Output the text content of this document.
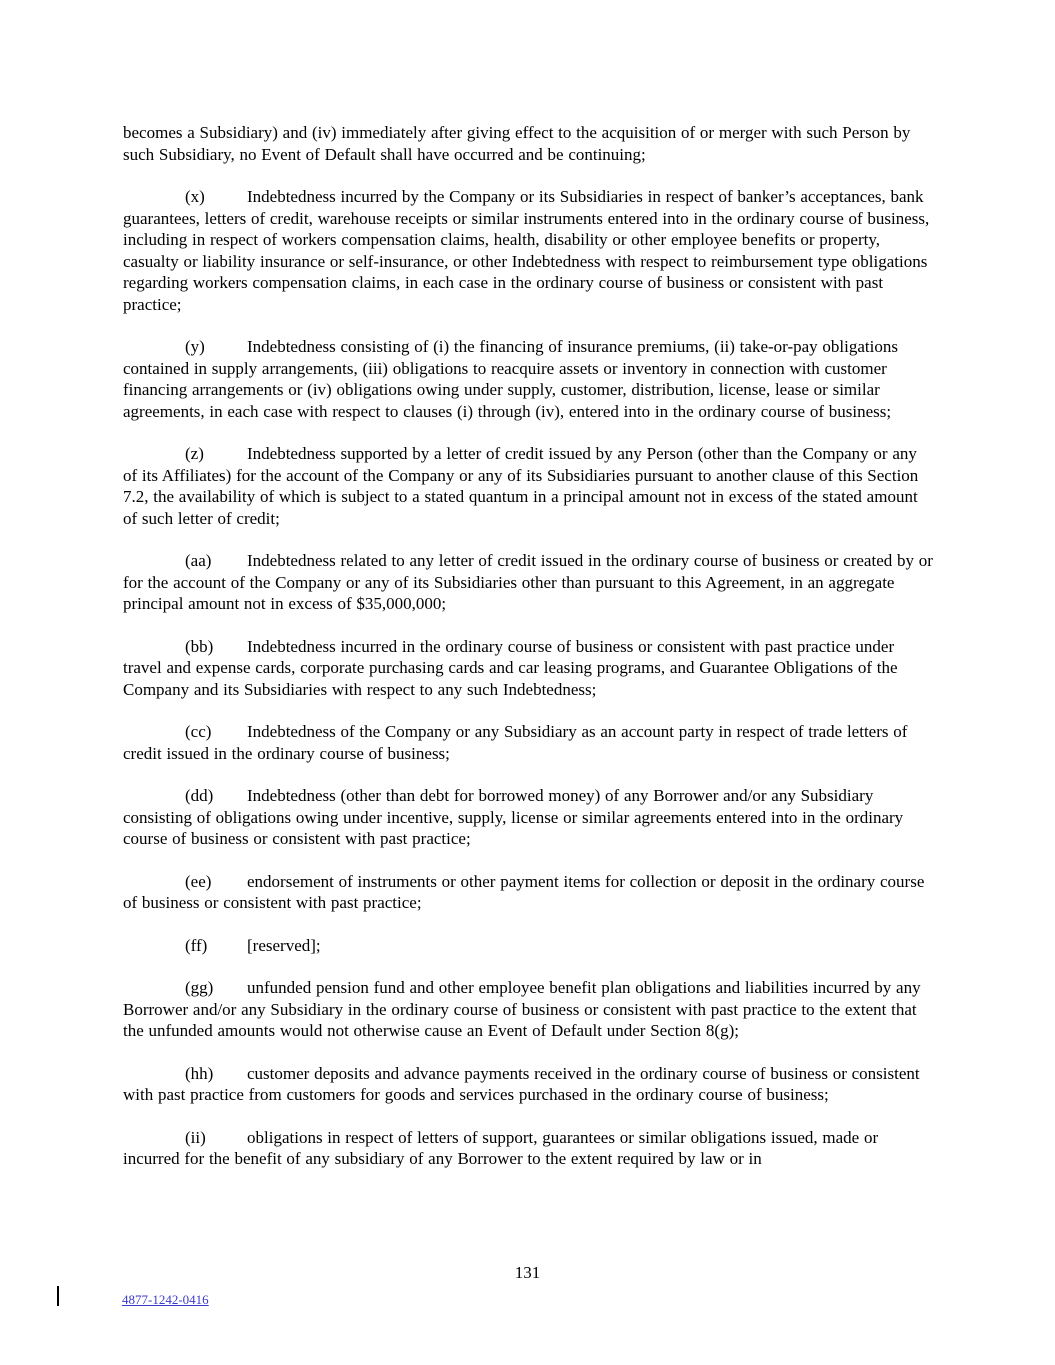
becomes a Subsidiary) and (iv) immediately after giving effect to the acquisition of or merger with such Person by such Subsidiary, no Event of Default shall have occurred and be continuing;

(x) Indebtedness incurred by the Company or its Subsidiaries in respect of banker’s acceptances, bank guarantees, letters of credit, warehouse receipts or similar instruments entered into in the ordinary course of business, including in respect of workers compensation claims, health, disability or other employee benefits or property, casualty or liability insurance or self-insurance, or other Indebtedness with respect to reimbursement type obligations regarding workers compensation claims, in each case in the ordinary course of business or consistent with past practice;

(y) Indebtedness consisting of (i) the financing of insurance premiums, (ii) take-or-pay obligations contained in supply arrangements, (iii) obligations to reacquire assets or inventory in connection with customer financing arrangements or (iv) obligations owing under supply, customer, distribution, license, lease or similar agreements, in each case with respect to clauses (i) through (iv), entered into in the ordinary course of business;

(z)	Indebtedness supported by a letter of credit issued by any Person (other than the Company or any of its Affiliates) for the account of the Company or any of its Subsidiaries pursuant to another clause of this Section 7.2, the availability of which is subject to a stated quantum in a principal amount not in excess of the stated amount of such letter of credit;

(aa) Indebtedness related to any letter of credit issued in the ordinary course of business or created by or for the account of the Company or any of its Subsidiaries other than pursuant to this Agreement, in an aggregate principal amount not in excess of $35,000,000;

(bb) Indebtedness incurred in the ordinary course of business or consistent with past practice under travel and expense cards, corporate purchasing cards and car leasing programs, and Guarantee Obligations of the Company and its Subsidiaries with respect to any such Indebtedness;

(cc) Indebtedness of the Company or any Subsidiary as an account party in respect of trade letters of credit issued in the ordinary course of business;

(dd) Indebtedness (other than debt for borrowed money) of any Borrower and/or any Subsidiary consisting of obligations owing under incentive, supply, license or similar agreements entered into in the ordinary course of business or consistent with past practice;

(ee) endorsement of instruments or other payment items for collection or deposit in the ordinary course of business or consistent with past practice;

(ff) [reserved];

(gg) unfunded pension fund and other employee benefit plan obligations and liabilities incurred by any Borrower and/or any Subsidiary in the ordinary course of business or consistent with past practice to the extent that the unfunded amounts would not otherwise cause an Event of Default under Section 8(g);

(hh) customer deposits and advance payments received in the ordinary course of business or consistent with past practice from customers for goods and services purchased in the ordinary course of business;

(ii) obligations in respect of letters of support, guarantees or similar obligations issued, made or incurred for the benefit of any subsidiary of any Borrower to the extent required by law or in

131
4877-1242-0416
